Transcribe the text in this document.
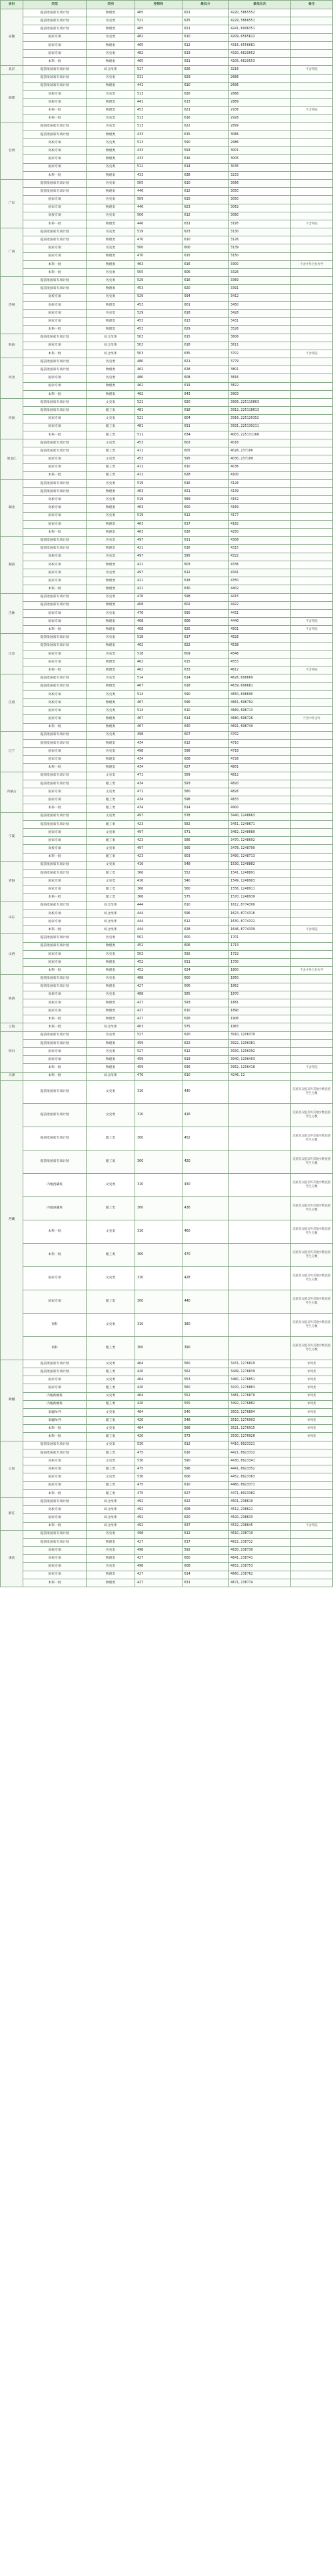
省份	类型	类别	控制线	最低分	最低位次	备注
安徽	提前批国家专项计划	物理类	465	621	4220, 5865552	
	提前批国家专项计划	历史类	521	625	4229, 5866551	
	提前批国家专项计划	物理类	465	621	4241, 6906351	
	国家专项	历史类	482	610	4209, 6565622	
	国家专项	物理类	465	612	4316, 6556681	
	国家专项	历史类	482	613	4320, 6620652	
	本科一批	物理类	465	631	4205, 6620553	
北京	提前批国家专项计划	综合改革	517	626	3216	不含外院
福建	提前批国家专项计划	历史类	531	629	2686	
	提前批国家专项计划	物理类	441	610	2696	
	高校专项	历史类	513	626	2868	
	高校专项	物理类	441	613	2889	
	本科一批	物理类	453	621	2936	不含外院
	本科一批	历史类	513	616	2926	
甘肃	提前批国家专项计划	历史类	513	622	2899	
	提前批国家专项计划	物理类	433	615	3066	
	高校专项	历史类	513	590	2986	
	高校专项	物理类	433	593	3001	
	国家专项	物理类	433	616	3005	
	国家专项	历史类	512	614	3035	
	本科一批	物理类	433	638	3233	
广东	提前批国家专项计划	历史类	505	610	3066	
	提前批国家专项计划	物理类	446	612	3050	
	国家专项	历史类	509	615	3050	
	国家专项	物理类	446	623	3062	
	高校专项	历史类	506	612	3080	
	本科一批	物理类	446	631	3195	不含外院
广西	提前批国家专项计划	历史类	519	623	3130	
	提前批国家专项计划	物理类	470	610	3126	
	国家专项	历史类	500	600	3139	
	国家专项	物理类	470	615	3150	
	本科一批	物理类	463	616	3300	不含中外合作办学
	本科一批	历史类	505	606	3326	
贵州	提前批国家专项计划	历史类	529	616	3369	
	提前批国家专项计划	物理类	453	620	3391	
	高校专项	历史类	529	594	3412	
	高校专项	物理类	453	601	3450	
	国家专项	历史类	529	618	3428	
	国家专项	物理类	453	613	3431	
	本科一批	物理类	453	629	3526	
海南	提前批国家专项计划	综合改革	503	615	3606	
	国家专项	综合改革	503	618	3611	
	本科一批	综合改革	503	635	3702	不含外院
河北	提前批国家专项计划	历史类	480	621	3779	
	提前批国家专项计划	物理类	462	628	3801	
	国家专项	历史类	480	608	3816	
	国家专项	物理类	462	619	3822	
	本科一批	物理类	462	643	3903	
河南	提前批国家专项计划	文史类	521	620	3906, 225110863	
	提前批国家专项计划	理工类	481	618	3912, 225118613	
	国家专项	文史类	521	604	3916, 225120352	
	国家专项	理工类	481	611	3931, 225130211	
	本科一批	理工类	511	634	4003, 225131168	
黑龙江	提前批国家专项计划	文史类	453	602	4016	
	提前批国家专项计划	理工类	411	605	4026, 237100	
	国家专项	文史类	453	595	4030, 237109	
	国家专项	理工类	411	610	4036	
	本科一批	理工类	411	628	4100	
湖北	提前批国家专项计划	历史类	519	616	4126	
	提前批国家专项计划	物理类	463	621	4139	
	高校专项	历史类	519	589	4152	
	高校专项	物理类	463	600	4169	
	国家专项	历史类	519	612	4177	
	国家专项	物理类	463	617	4182	
	本科一批	物理类	463	636	4250	
湖南	提前批国家专项计划	历史类	497	611	4306	
	提前批国家专项计划	物理类	421	616	4315	
	高校专项	历史类	497	595	4322	
	高校专项	物理类	421	603	4336	
	国家专项	历史类	497	612	4341	
	国家专项	物理类	421	618	4350	
	本科一批	物理类	421	630	4402	
吉林	提前批国家专项计划	历史类	476	598	4415	
	提前批国家专项计划	物理类	408	602	4422	
	国家专项	历史类	476	590	4431	
	国家专项	物理类	408	606	4440	不含外院
	本科一批	物理类	408	625	4501	不含外院
江苏	提前批国家专项计划	历史类	518	617	4526	
	提前批国家专项计划	物理类	462	622	4538	
	国家专项	历史类	518	609	4546	
	国家专项	物理类	462	615	4553	
	本科一批	物理类	462	633	4612	不含外院
江西	提前批国家专项计划	历史类	514	614	4626, 698669	
	提前批国家专项计划	物理类	467	618	4639, 698681	
	高校专项	历史类	514	590	4650, 698690	
	高校专项	物理类	467	596	4661, 698702	
	国家专项	历史类	514	610	4669, 698713	
	国家专项	物理类	467	614	4680, 698726	不含中外合作
	本科一批	物理类	467	630	4691, 698740	
辽宁	提前批国家专项计划	历史类	498	607	4702	
	提前批国家专项计划	物理类	434	612	4710	
	国家专项	历史类	498	598	4718	
	国家专项	物理类	434	608	4726	
	本科一批	物理类	434	627	4801	
内蒙古	提前批国家专项计划	文史类	471	589	4812	
	提前批国家专项计划	理工类	434	593	4820	
	国家专项	文史类	471	580	4826	
	国家专项	理工类	434	598	4833	
	本科一批	理工类	434	614	4900	
宁夏	提前批国家专项计划	文史类	497	578	3440, 1248663	
	提前批国家专项计划	理工类	423	582	3451, 1248671	
	国家专项	文史类	497	571	3462, 1248680	
	国家专项	理工类	423	586	3470, 1248692	
	高校专项	文史类	497	565	3478, 1248700	
	本科一批	理工类	423	603	3490, 1248713	
青海	提前批国家专项计划	文史类	416	548	1530, 1248882	
	提前批国家专项计划	理工类	366	552	1541, 1248891	
	国家专项	文史类	416	540	1549, 1248903	
	国家专项	理工类	366	560	1556, 1248911	
	本科一批	理工类	366	575	1570, 1248930	
山东	提前批国家专项计划	综合改革	444	610	1612, 8774300	
	高校专项	综合改革	444	596	1623, 8774316	
	国家专项	综合改革	444	612	1630, 8774322	
	本科一批	综合改革	444	628	1646, 8774339	不含外院
山西	提前批国家专项计划	历史类	502	600	1701	
	提前批国家专项计划	物理类	452	606	1713	
	国家专项	历史类	502	592	1722	
	国家专项	物理类	452	611	1730	
	本科一批	物理类	452	624	1800	不含中外合作办学
陕西	提前批国家专项计划	历史类	488	600	1850	
	提前批国家专项计划	物理类	427	606	1862	
	高校专项	历史类	488	585	1870	
	高校专项	物理类	427	593	1881	
	国家专项	物理类	427	610	1890	
	本科一批	物理类	427	626	1906	
上海	本科一批	综合改革	403	575	1963	
四川	提前批国家专项计划	历史类	527	620	3910, 1206370	
	提前批国家专项计划	物理类	459	622	3922, 1206381	
	国家专项	历史类	527	612	3930, 1206392	
	国家专项	物理类	459	619	3940, 1206403	
	本科一批	物理类	459	636	3952, 1206418	不含外院
天津	本科一批	综合改革	476	610	4246, 12	
西藏	提前批国家专项计划	文史类	310	440		汉族及汉族以外其他少数民族考生分数
	提前批国家专项计划	文史类	310	416		汉族及汉族以外其他少数民族考生分数
	提前批国家专项计划	理工类	300	452		汉族及汉族以外其他少数民族考生分数
	提前批国家专项计划	理工类	300	420		汉族及汉族以外其他少数民族考生分数
	内地西藏班	文史类	310	430		汉族及汉族以外其他少数民族考生分数
	内地西藏班	理工类	300	436		汉族及汉族以外其他少数民族考生分数
	本科一批	文史类	310	460		汉族及汉族以外其他少数民族考生分数
	本科一批	理工类	300	470		汉族及汉族以外其他少数民族考生分数
	国家专项	文史类	310	428		汉族及汉族以外其他少数民族考生分数
	国家专项	理工类	300	440		汉族及汉族以外其他少数民族考生分数
	预科	文史类	310	380		汉族及汉族以外其他少数民族考生分数
	预科	理工类	300	390		汉族及汉族以外其他少数民族考生分数
新疆	提前批国家专项计划	文史类	464	560	3431, 1276820	单列类
	提前批国家专项计划	理工类	420	562	3449, 1276839	单列类
	国家专项	文史类	464	553	3460, 1276851	单列类
	国家专项	理工类	420	560	3470, 1276863	单列类
	内地新疆班	文史类	464	552	3481, 1276870	单列类
	内地新疆班	理工类	420	555	3492, 1276882	单列类
	南疆单列	文史类	464	540	3503, 1276894	单列类
	南疆单列	理工类	420	548	3510, 1276903	单列类
	本科一批	文史类	464	566	3521, 1276915	单列类
	本科一批	理工类	420	573	3530, 1276926	单列类
云南	提前批国家专项计划	文史类	530	612	4410, 8923321	
	提前批国家专项计划	理工类	475	616	4421, 8923332	
	高校专项	文史类	530	590	4430, 8923341	
	高校专项	理工类	475	596	4441, 8923352	
	国家专项	文史类	530	606	4452, 8923363	
	国家专项	理工类	475	610	4460, 8923371	
	本科一批	理工类	475	627	4471, 8923382	
浙江	提前批国家专项计划	综合改革	492	622	4501, 238610	
	高校专项	综合改革	492	608	4512, 238621	
	国家专项	综合改革	492	620	4520, 238633	
	本科一批	综合改革	492	637	4532, 238645	不含外院
重庆	提前批国家专项计划	历史类	498	612	4610, 238710	
	提前批国家专项计划	物理类	427	617	4622, 238722	
	高校专项	历史类	498	592	4630, 238730	
	高校专项	物理类	427	600	4641, 238741	
	国家专项	历史类	498	608	4652, 238753	
	国家专项	物理类	427	614	4660, 238762	
	本科一批	物理类	427	631	4671, 238774	
